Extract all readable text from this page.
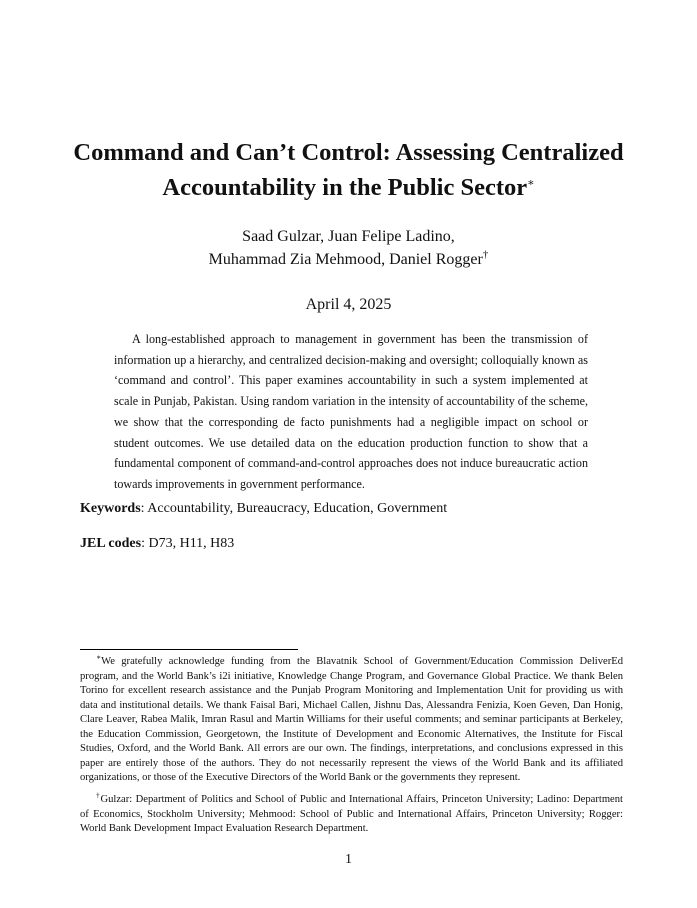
Command and Can’t Control: Assessing Centralized
Accountability in the Public Sector∗
Saad Gulzar, Juan Felipe Ladino,
Muhammad Zia Mehmood, Daniel Rogger†
April 4, 2025

A long-established approach to management in government has been the transmission of information up a hierarchy, and centralized decision-making and oversight; colloquially known as ‘command and control’. This paper examines accountability in such a system implemented at scale in Punjab, Pakistan. Using random variation in the intensity of accountability of the scheme, we show that the corresponding de facto punishments had a negligible impact on school or student outcomes. We use detailed data on the education production function to show that a fundamental component of command-and-control approaches does not induce bureaucratic action towards improvements in government performance.

Keywords: Accountability, Bureaucracy, Education, Government
JEL codes: D73, H11, H83

∗We gratefully acknowledge funding from the Blavatnik School of Government/Education Commission DeliverEd program, and the World Bank’s i2i initiative, Knowledge Change Program, and Governance Global Practice. We thank Belen Torino for excellent research assistance and the Punjab Program Monitoring and Implementation Unit for providing us with data and institutional details. We thank Faisal Bari, Michael Callen, Jishnu Das, Alessandra Fenizia, Koen Geven, Dan Honig, Clare Leaver, Rabea Malik, Imran Rasul and Martin Williams for their useful comments; and seminar participants at Berkeley, the Education Commission, Georgetown, the Institute of Development and Economic Alternatives, the Institute for Fiscal Studies, Oxford, and the World Bank. All errors are our own. The findings, interpretations, and conclusions expressed in this paper are entirely those of the authors. They do not necessarily represent the views of the World Bank and its affiliated organizations, or those of the Executive Directors of the World Bank or the governments they represent.

†Gulzar: Department of Politics and School of Public and International Affairs, Princeton University; Ladino: Department of Economics, Stockholm University; Mehmood: School of Public and International Affairs, Princeton University; Rogger: World Bank Development Impact Evaluation Research Department.

1
